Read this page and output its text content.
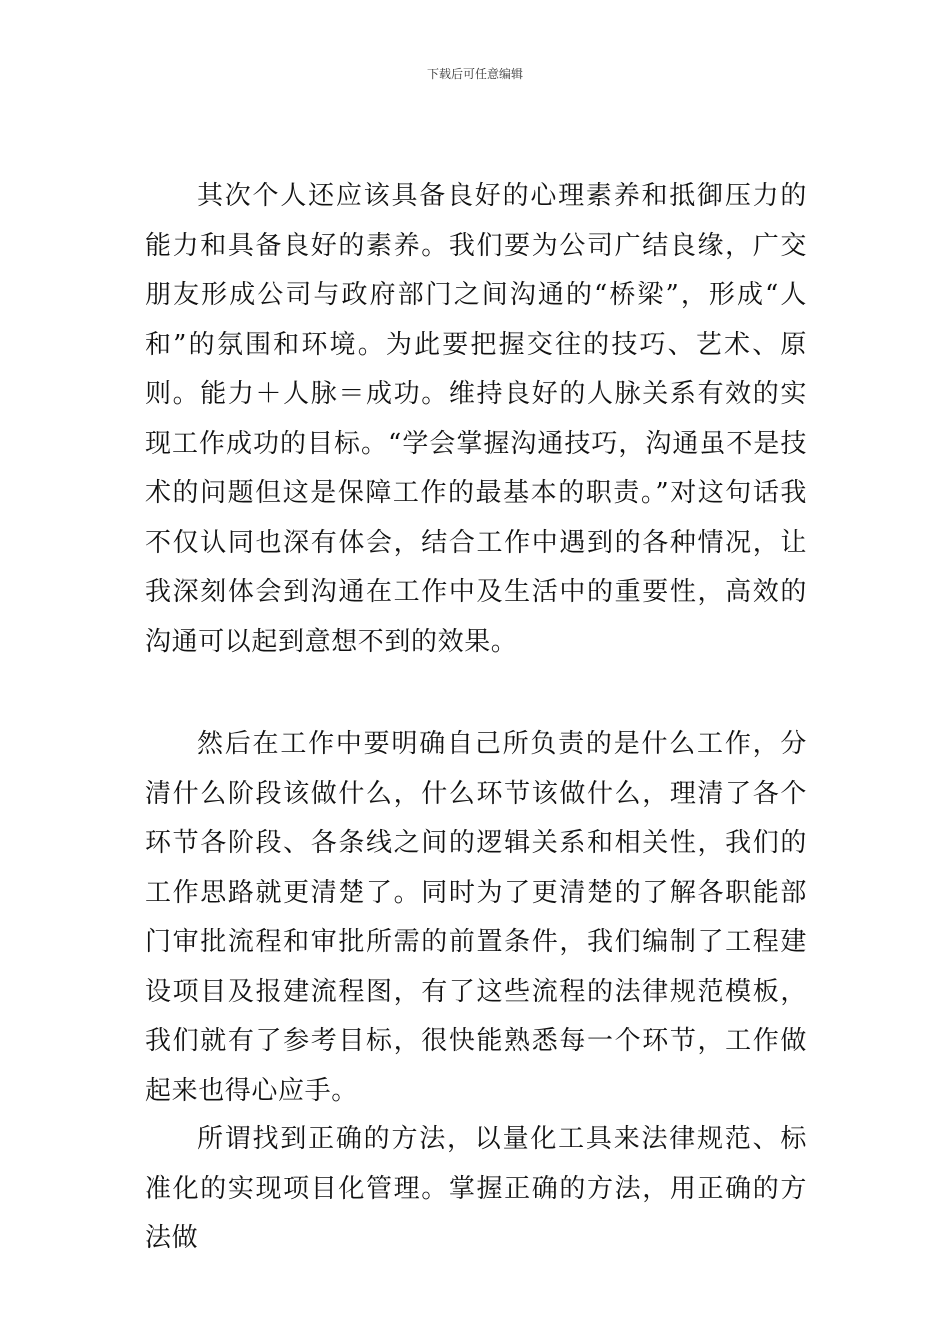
下载后可任意编辑

其次个人还应该具备良好的心理素养和抵御压力的能力和具备良好的素养。我们要为公司广结良缘，广交朋友形成公司与政府部门之间沟通的“桥梁”，形成“人和”的氛围和环境。为此要把握交往的技巧、艺术、原则。能力＋人脉＝成功。维持良好的人脉关系有效的实现工作成功的目标。“学会掌握沟通技巧，沟通虽不是技术的问题但这是保障工作的最基本的职责。”对这句话我不仅认同也深有体会，结合工作中遇到的各种情况，让我深刻体会到沟通在工作中及生活中的重要性，高效的沟通可以起到意想不到的效果。

然后在工作中要明确自己所负责的是什么工作，分清什么阶段该做什么，什么环节该做什么，理清了各个环节各阶段、各条线之间的逻辑关系和相关性，我们的工作思路就更清楚了。同时为了更清楚的了解各职能部门审批流程和审批所需的前置条件，我们编制了工程建设项目及报建流程图，有了这些流程的法律规范模板，我们就有了参考目标，很快能熟悉每一个环节，工作做起来也得心应手。

所谓找到正确的方法，以量化工具来法律规范、标准化的实现项目化管理。掌握正确的方法，用正确的方法做
